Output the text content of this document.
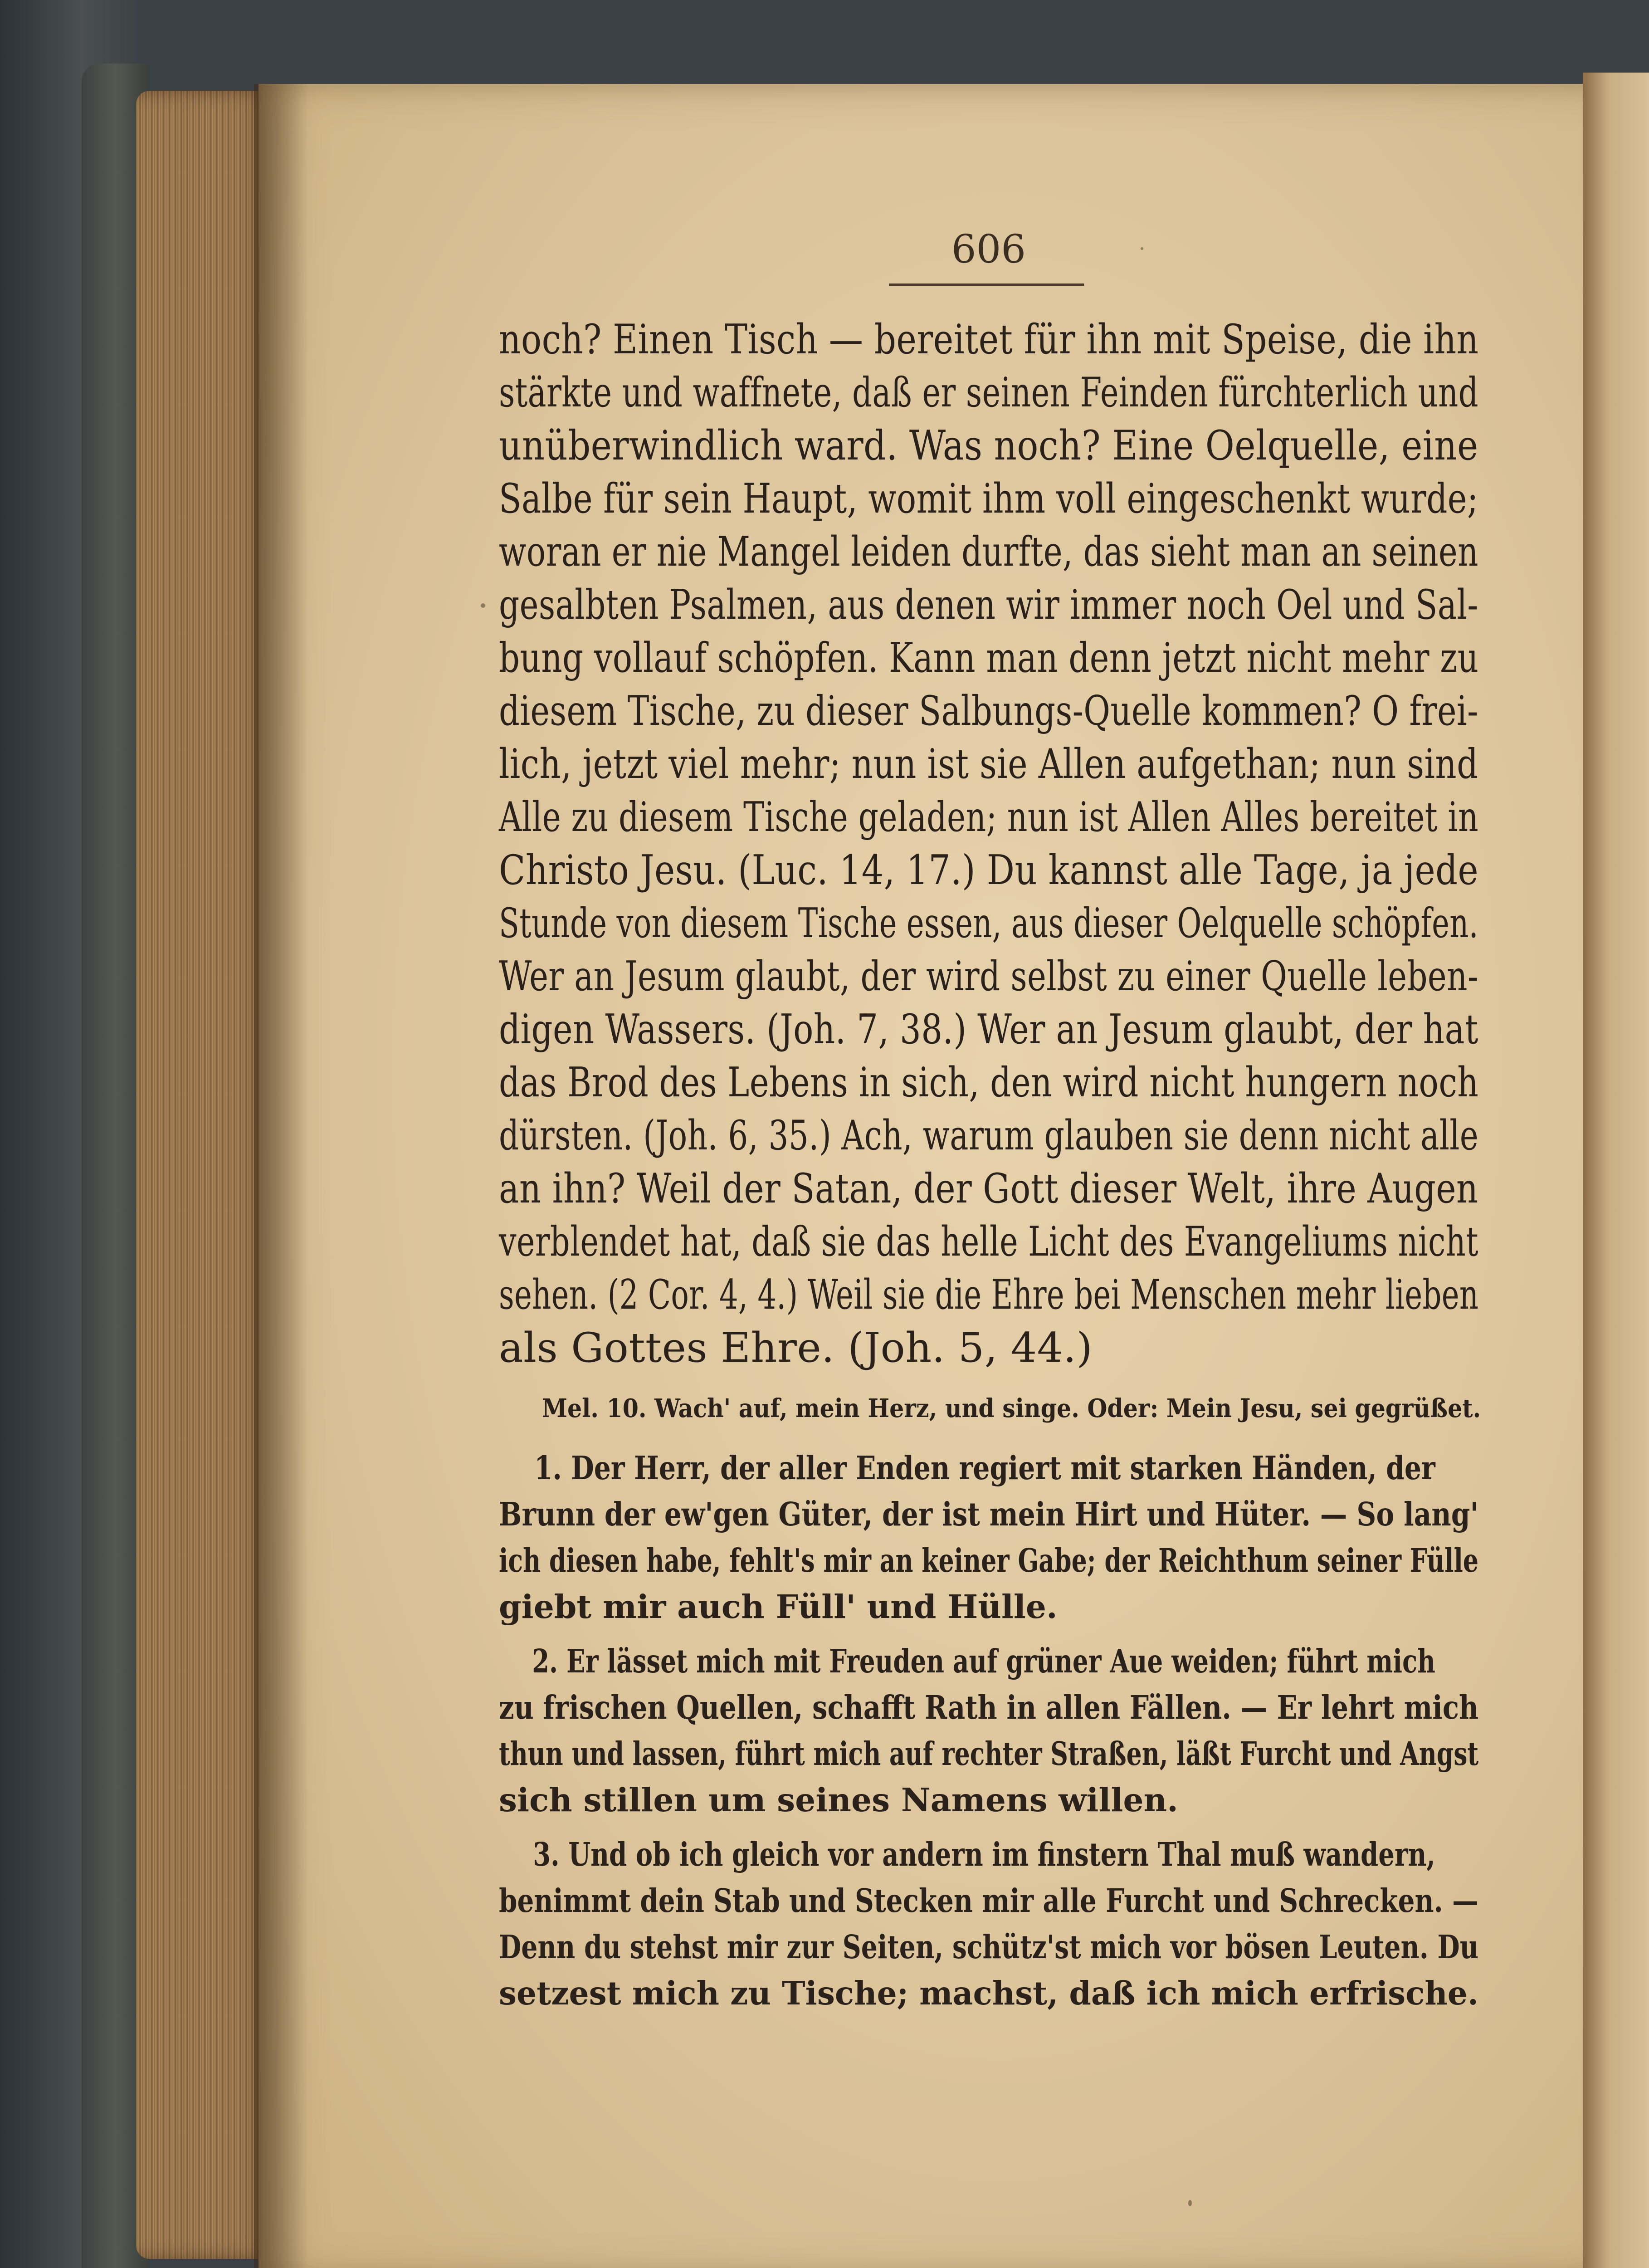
606
noch? Einen Tisch — bereitet für ihn mit Speise, die ihn
stärkte und waffnete, daß er seinen Feinden fürchterlich und
unüberwindlich ward. Was noch? Eine Oelquelle, eine
Salbe für sein Haupt, womit ihm voll eingeschenkt wurde;
woran er nie Mangel leiden durfte, das sieht man an seinen
gesalbten Psalmen, aus denen wir immer noch Oel und Sal-
bung vollauf schöpfen. Kann man denn jetzt nicht mehr zu
diesem Tische, zu dieser Salbungs-Quelle kommen? O frei-
lich, jetzt viel mehr; nun ist sie Allen aufgethan; nun sind
Alle zu diesem Tische geladen; nun ist Allen Alles bereitet in
Christo Jesu. (Luc. 14, 17.) Du kannst alle Tage, ja jede
Stunde von diesem Tische essen, aus dieser Oelquelle schöpfen.
Wer an Jesum glaubt, der wird selbst zu einer Quelle leben-
digen Wassers. (Joh. 7, 38.) Wer an Jesum glaubt, der hat
das Brod des Lebens in sich, den wird nicht hungern noch
dürsten. (Joh. 6, 35.) Ach, warum glauben sie denn nicht alle
an ihn? Weil der Satan, der Gott dieser Welt, ihre Augen
verblendet hat, daß sie das helle Licht des Evangeliums nicht
sehen. (2 Cor. 4, 4.) Weil sie die Ehre bei Menschen mehr lieben
als Gottes Ehre. (Joh. 5, 44.)
Mel. 10. Wach' auf, mein Herz, und singe. Oder: Mein Jesu, sei gegrüßet.
1. Der Herr, der aller Enden regiert mit starken Händen, der
Brunn der ew'gen Güter, der ist mein Hirt und Hüter. — So lang'
ich diesen habe, fehlt's mir an keiner Gabe; der Reichthum seiner Fülle
giebt mir auch Füll' und Hülle.
2. Er lässet mich mit Freuden auf grüner Aue weiden; führt mich
zu frischen Quellen, schafft Rath in allen Fällen. — Er lehrt mich
thun und lassen, führt mich auf rechter Straßen, läßt Furcht und Angst
sich stillen um seines Namens willen.
3. Und ob ich gleich vor andern im finstern Thal muß wandern,
benimmt dein Stab und Stecken mir alle Furcht und Schrecken. —
Denn du stehst mir zur Seiten, schütz'st mich vor bösen Leuten. Du
setzest mich zu Tische; machst, daß ich mich erfrische.
